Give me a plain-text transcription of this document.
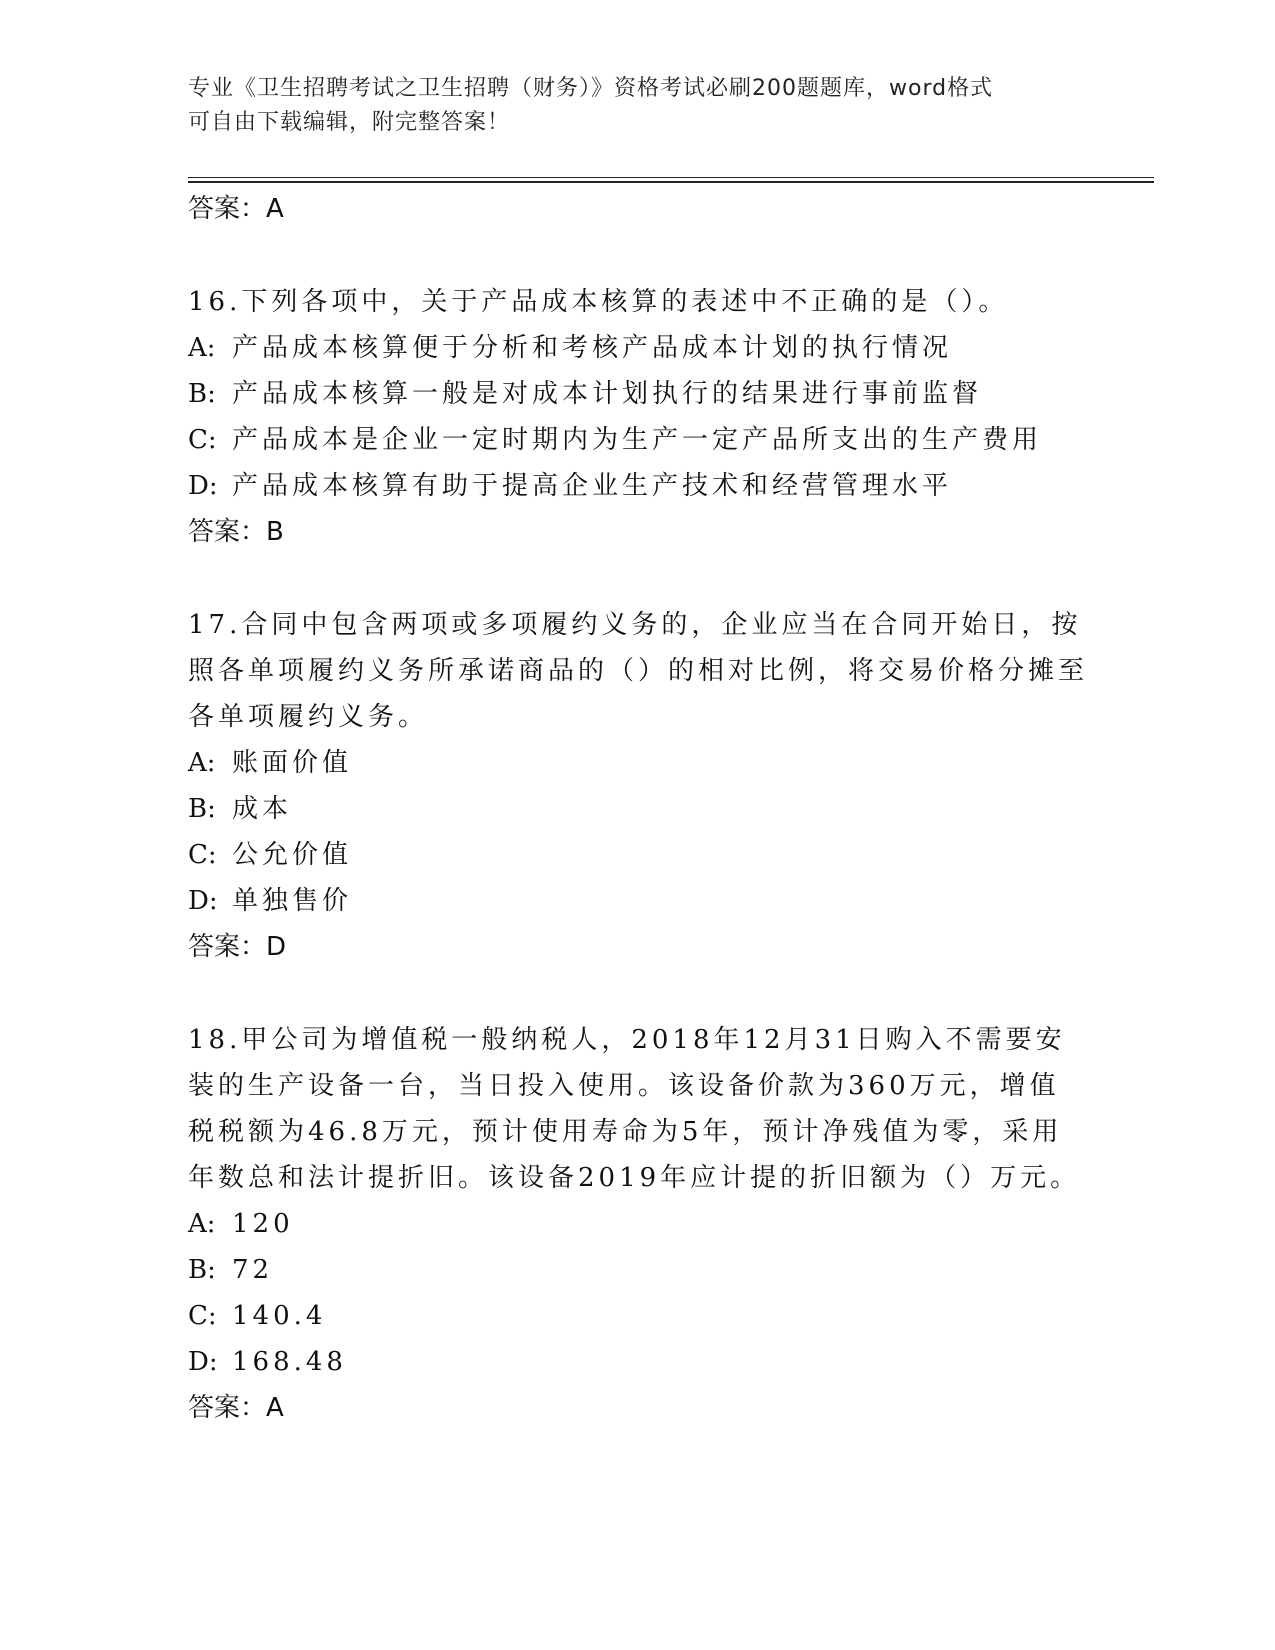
专业《卫生招聘考试之卫生招聘（财务）》资格考试必刷200题题库，word格式
可自由下载编辑，附完整答案！

答案：A

16.下列各项中，关于产品成本核算的表述中不正确的是（）。

A: 产品成本核算便于分析和考核产品成本计划的执行情况

B: 产品成本核算一般是对成本计划执行的结果进行事前监督

C: 产品成本是企业一定时期内为生产一定产品所支出的生产费用

D: 产品成本核算有助于提高企业生产技术和经营管理水平

答案：B

17.合同中包含两项或多项履约义务的，企业应当在合同开始日，按照各单项履约义务所承诺商品的（）的相对比例，将交易价格分摊至各单项履约义务。

A: 账面价值

B: 成本

C: 公允价值

D: 单独售价

答案：D

18.甲公司为增值税一般纳税人，2018年12月31日购入不需要安装的生产设备一台，当日投入使用。该设备价款为360万元，增值税税额为46.8万元，预计使用寿命为5年，预计净残值为零，采用年数总和法计提折旧。该设备2019年应计提的折旧额为（）万元。

A: 120

B: 72

C: 140.4

D: 168.48

答案：A
